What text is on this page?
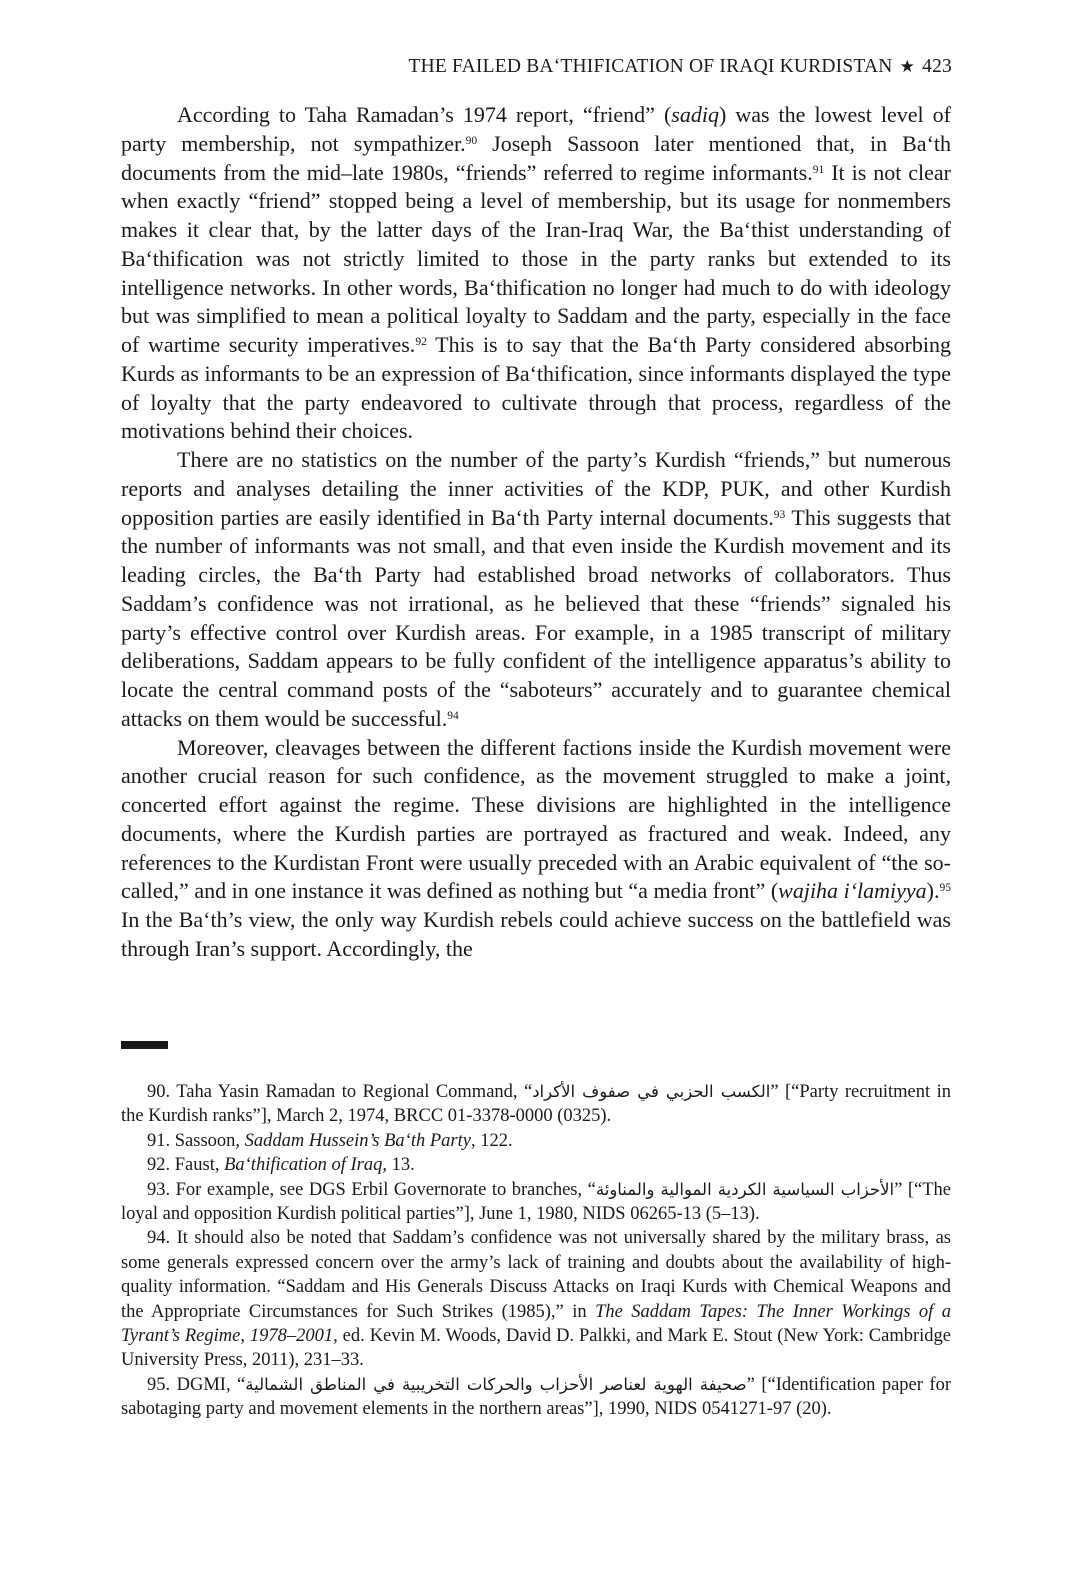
THE FAILED BA‘THIFICATION OF IRAQI KURDISTAN ★ 423

According to Taha Ramadan’s 1974 report, “friend” (sadiq) was the lowest level of party membership, not sympathizer.$^{90}$ Joseph Sassoon later mentioned that, in Ba‘th documents from the mid–late 1980s, “friends” referred to regime informants.$^{91}$ It is not clear when exactly “friend” stopped being a level of membership, but its usage for nonmembers makes it clear that, by the latter days of the Iran-Iraq War, the Ba‘thist understanding of Ba‘thification was not strictly limited to those in the party ranks but extended to its intelligence networks. In other words, Ba‘thification no longer had much to do with ideology but was simplified to mean a political loyalty to Saddam and the party, especially in the face of wartime security imperatives.$^{92}$ This is to say that the Ba‘th Party considered absorbing Kurds as informants to be an expression of Ba‘thification, since informants displayed the type of loyalty that the party endeavored to cultivate through that process, regardless of the motivations behind their choices.

There are no statistics on the number of the party’s Kurdish “friends,” but numerous reports and analyses detailing the inner activities of the KDP, PUK, and other Kurdish opposition parties are easily identified in Ba‘th Party internal documents.$^{93}$ This suggests that the number of informants was not small, and that even inside the Kurdish movement and its leading circles, the Ba‘th Party had established broad networks of collaborators. Thus Saddam’s confidence was not irrational, as he believed that these “friends” signaled his party’s effective control over Kurdish areas. For example, in a 1985 transcript of military deliberations, Saddam appears to be fully confident of the intelligence apparatus’s ability to locate the central command posts of the “saboteurs” accurately and to guarantee chemical attacks on them would be successful.$^{94}$

Moreover, cleavages between the different factions inside the Kurdish movement were another crucial reason for such confidence, as the movement struggled to make a joint, concerted effort against the regime. These divisions are highlighted in the intelligence documents, where the Kurdish parties are portrayed as fractured and weak. Indeed, any references to the Kurdistan Front were usually preceded with an Arabic equivalent of “the so-called,” and in one instance it was defined as nothing but “a media front” (wajiha i‘lamiyya).$^{95}$ In the Ba‘th’s view, the only way Kurdish rebels could achieve success on the battlefield was through Iran’s support. Accordingly, the

90. Taha Yasin Ramadan to Regional Command, “الكسب الحزبي في صفوف الأكراد” [“Party recruitment in the Kurdish ranks”], March 2, 1974, BRCC 01-3378-0000 (0325).

91. Sassoon, Saddam Hussein’s Ba‘th Party, 122.

92. Faust, Ba‘thification of Iraq, 13.

93. For example, see DGS Erbil Governorate to branches, “الأحزاب السياسية الكردية الموالية والمناوئة” [“The loyal and opposition Kurdish political parties”], June 1, 1980, NIDS 06265-13 (5–13).

94. It should also be noted that Saddam’s confidence was not universally shared by the military brass, as some generals expressed concern over the army’s lack of training and doubts about the availability of high-quality information. “Saddam and His Generals Discuss Attacks on Iraqi Kurds with Chemical Weapons and the Appropriate Circumstances for Such Strikes (1985),” in The Saddam Tapes: The Inner Workings of a Tyrant’s Regime, 1978–2001, ed. Kevin M. Woods, David D. Palkki, and Mark E. Stout (New York: Cambridge University Press, 2011), 231–33.

95. DGMI, “صحيفة الهوية لعناصر الأحزاب والحركات التخريبية في المناطق الشمالية” [“Identification paper for sabotaging party and movement elements in the northern areas”], 1990, NIDS 0541271-97 (20).
